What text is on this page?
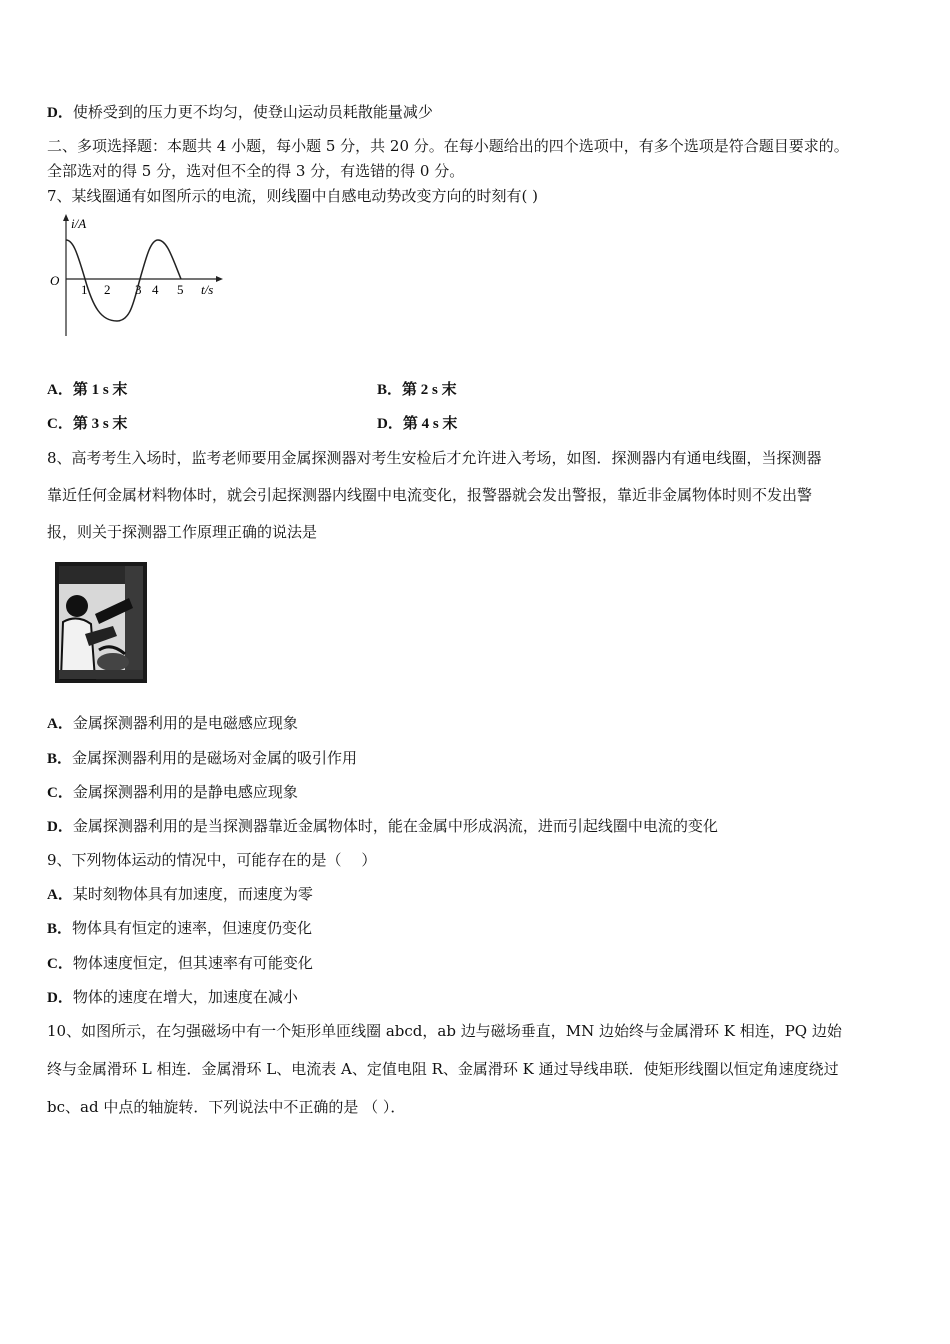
D．使桥受到的压力更不均匀，使登山运动员耗散能量减少
二、多项选择题：本题共 4 小题，每小题 5 分，共 20 分。在每小题给出的四个选项中，有多个选项是符合题目要求的。
全部选对的得 5 分，选对但不全的得 3 分，有选错的得 0 分。
7、某线圈通有如图所示的电流，则线圈中自感电动势改变方向的时刻有( )
i/A
O
1 2 3 4 5 t/s
A．第 1 s 末	B．第 2 s 末
C．第 3 s 末	D．第 4 s 末
8、高考考生入场时，监考老师要用金属探测器对考生安检后才允许进入考场，如图．探测器内有通电线圈，当探测器
靠近任何金属材料物体时，就会引起探测器内线圈中电流变化，报警器就会发出警报，靠近非金属物体时则不发出警
报，则关于探测器工作原理正确的说法是
A．金属探测器利用的是电磁感应现象
B．金属探测器利用的是磁场对金属的吸引作用
C．金属探测器利用的是静电感应现象
D．金属探测器利用的是当探测器靠近金属物体时，能在金属中形成涡流，进而引起线圈中电流的变化
9、下列物体运动的情况中，可能存在的是（　 ）
A．某时刻物体具有加速度，而速度为零
B．物体具有恒定的速率，但速度仍变化
C．物体速度恒定，但其速率有可能变化
D．物体的速度在增大，加速度在减小
10、如图所示，在匀强磁场中有一个矩形单匝线圈 abcd，ab 边与磁场垂直，MN 边始终与金属滑环 K 相连，PQ 边始
终与金属滑环 L 相连．金属滑环 L、电流表 A、定值电阻 R、金属滑环 K 通过导线串联．使矩形线圈以恒定角速度绕过
bc、ad 中点的轴旋转．下列说法中不正确的是 （ ）．
